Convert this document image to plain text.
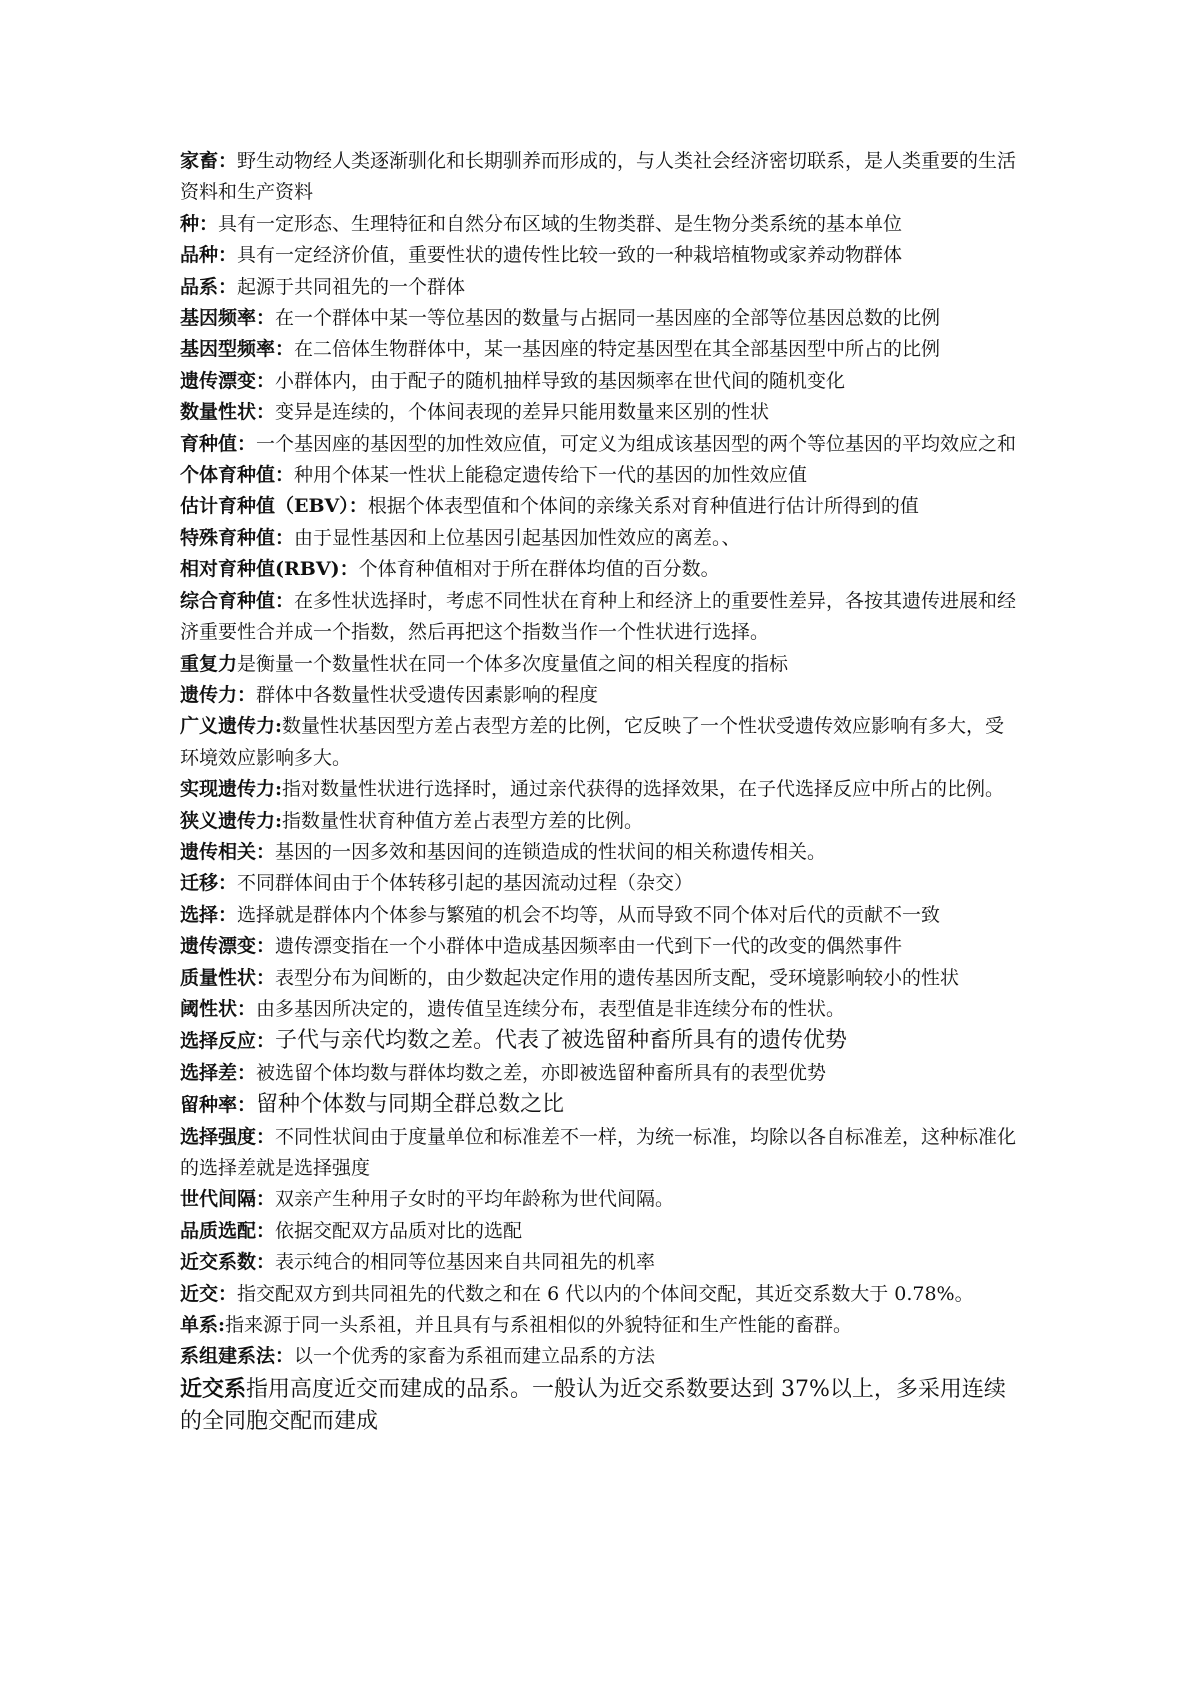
家畜：野生动物经人类逐渐驯化和长期驯养而形成的，与人类社会经济密切联系，是人类重要的生活资料和生产资料

种：具有一定形态、生理特征和自然分布区域的生物类群、是生物分类系统的基本单位

品种：具有一定经济价值，重要性状的遗传性比较一致的一种栽培植物或家养动物群体

品系：起源于共同祖先的一个群体

基因频率：在一个群体中某一等位基因的数量与占据同一基因座的全部等位基因总数的比例

基因型频率：在二倍体生物群体中，某一基因座的特定基因型在其全部基因型中所占的比例

遗传漂变：小群体内，由于配子的随机抽样导致的基因频率在世代间的随机变化

数量性状：变异是连续的，个体间表现的差异只能用数量来区别的性状

育种值：一个基因座的基因型的加性效应值，可定义为组成该基因型的两个等位基因的平均效应之和

个体育种值：种用个体某一性状上能稳定遗传给下一代的基因的加性效应值

估计育种值（EBV）：根据个体表型值和个体间的亲缘关系对育种值进行估计所得到的值

特殊育种值：由于显性基因和上位基因引起基因加性效应的离差。、

相对育种值(RBV)：个体育种值相对于所在群体均值的百分数。

综合育种值：在多性状选择时，考虑不同性状在育种上和经济上的重要性差异，各按其遗传进展和经济重要性合并成一个指数，然后再把这个指数当作一个性状进行选择。

重复力是衡量一个数量性状在同一个体多次度量值之间的相关程度的指标

遗传力：群体中各数量性状受遗传因素影响的程度

广义遗传力:数量性状基因型方差占表型方差的比例，它反映了一个性状受遗传效应影响有多大，受环境效应影响多大。

实现遗传力:指对数量性状进行选择时，通过亲代获得的选择效果，在子代选择反应中所占的比例。

狭义遗传力:指数量性状育种值方差占表型方差的比例。

遗传相关：基因的一因多效和基因间的连锁造成的性状间的相关称遗传相关。

迁移：不同群体间由于个体转移引起的基因流动过程（杂交）

选择：选择就是群体内个体参与繁殖的机会不均等，从而导致不同个体对后代的贡献不一致

遗传漂变：遗传漂变指在一个小群体中造成基因频率由一代到下一代的改变的偶然事件

质量性状：表型分布为间断的，由少数起决定作用的遗传基因所支配，受环境影响较小的性状

阈性状：由多基因所决定的，遗传值呈连续分布，表型值是非连续分布的性状。

选择反应：子代与亲代均数之差。代表了被选留种畜所具有的遗传优势

选择差：被选留个体均数与群体均数之差，亦即被选留种畜所具有的表型优势

留种率：留种个体数与同期全群总数之比

选择强度：不同性状间由于度量单位和标准差不一样，为统一标准，均除以各自标准差，这种标准化的选择差就是选择强度

世代间隔：双亲产生种用子女时的平均年龄称为世代间隔。

品质选配：依据交配双方品质对比的选配

近交系数：表示纯合的相同等位基因来自共同祖先的机率

近交：指交配双方到共同祖先的代数之和在 6 代以内的个体间交配，其近交系数大于 0.78%。

单系:指来源于同一头系祖，并且具有与系祖相似的外貌特征和生产性能的畜群。

系组建系法：以一个优秀的家畜为系祖而建立品系的方法

近交系指用高度近交而建成的品系。一般认为近交系数要达到 37%以上，多采用连续的全同胞交配而建成
